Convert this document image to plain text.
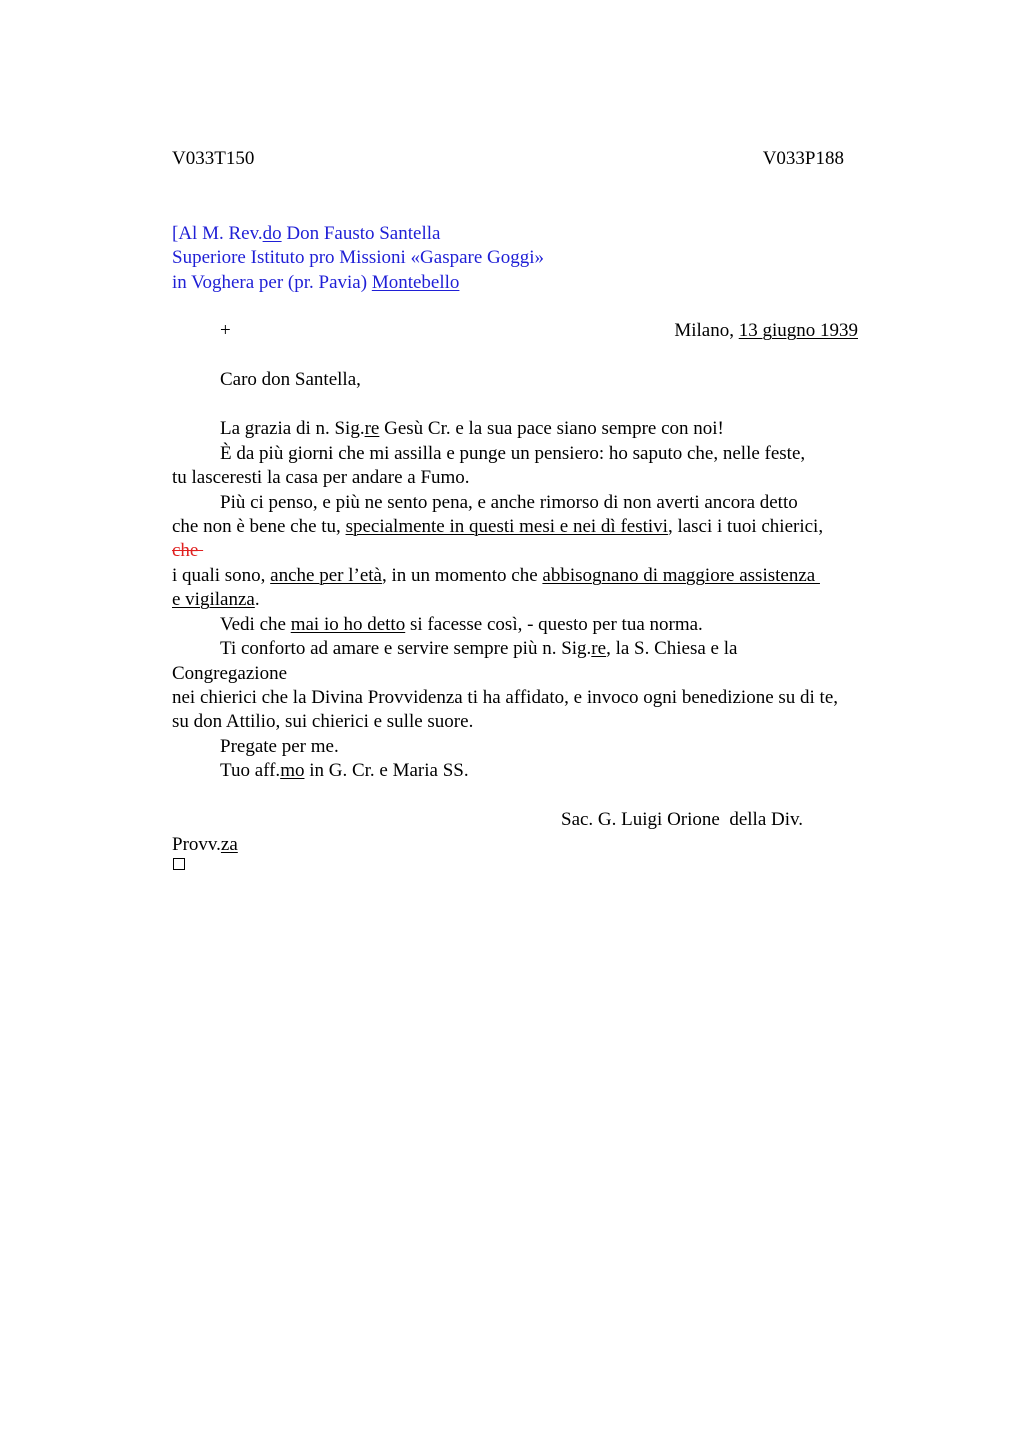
V033T150	V033P188
[Al M. Rev.do Don Fausto Santella
Superiore Istituto pro Missioni «Gaspare Goggi»
in Voghera per (pr. Pavia) Montebello
+	Milano, 13 giugno 1939
Caro don Santella,
La grazia di n. Sig.re Gesù Cr. e la sua pace siano sempre con noi!
È da più giorni che mi assilla e punge un pensiero: ho saputo che, nelle feste,
tu lasceresti la casa per andare a Fumo.
Più ci penso, e più ne sento pena, e anche rimorso di non averti ancora detto
che non è bene che tu, specialmente in questi mesi e nei dì festivi, lasci i tuoi chierici,
che
i quali sono, anche per l’età, in un momento che abbisognano di maggiore assistenza
e vigilanza.
Vedi che mai io ho detto si facesse così, - questo per tua norma.
Ti conforto ad amare e servire sempre più n. Sig.re, la S. Chiesa e la
Congregazione
nei chierici che la Divina Provvidenza ti ha affidato, e invoco ogni benedizione su di te,
su don Attilio, sui chierici e sulle suore.
Pregate per me.
Tuo aff.mo in G. Cr. e Maria SS.
Sac. G. Luigi Orione  della Div.
Provv.za
